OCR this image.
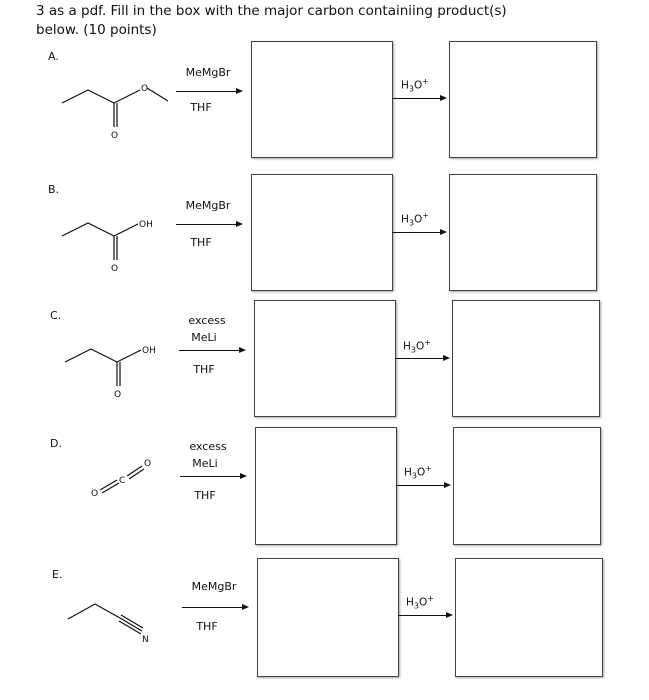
3 as a pdf. Fill in the box with the major carbon containiing product(s)
below. (10 points)
O
O
OH
O
OH
O
O
C
O
N
A.
MeMgBr
THF
$H_3O^+$
B.
MeMgBr
THF
$H_3O^+$
C.	excess
MeLi
THF
$H_3O^+$
D.	excess
MeLi
THF
$H_3O^+$
E.
MeMgBr
THF
$H_3O^+$
